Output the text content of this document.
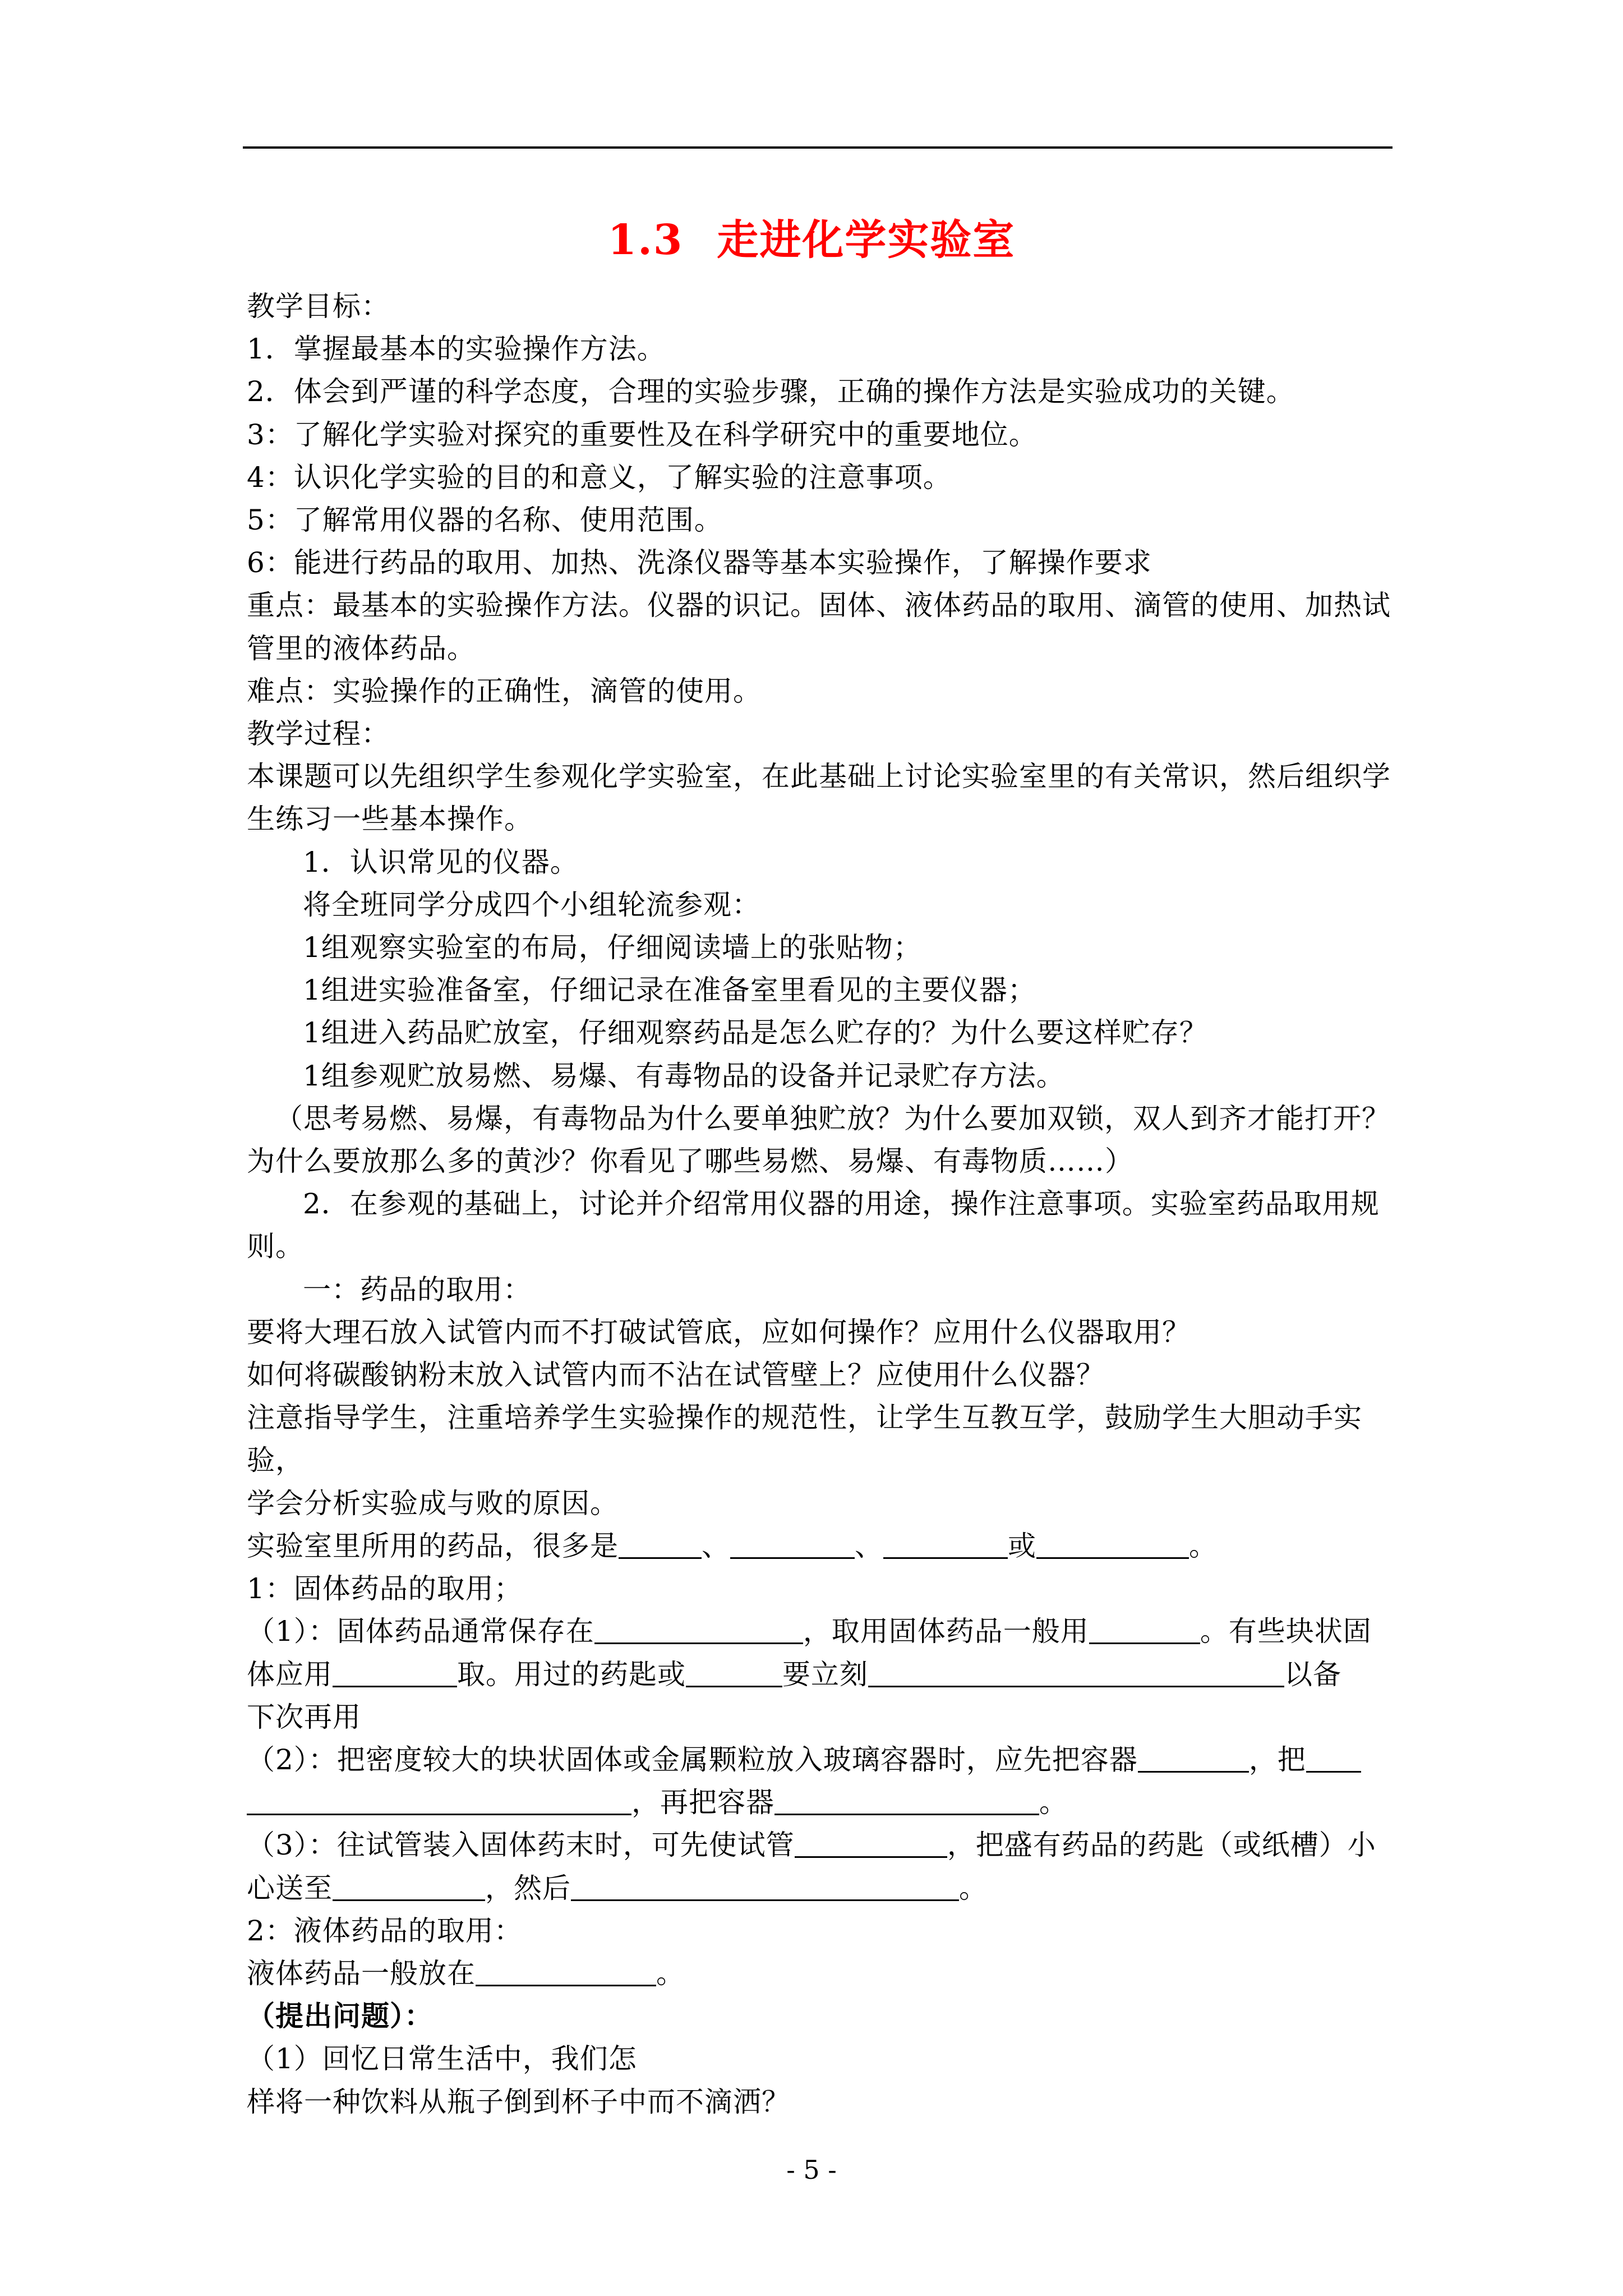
1.3 走进化学实验室

教学目标：

1．掌握最基本的实验操作方法。

2．体会到严谨的科学态度，合理的实验步骤，正确的操作方法是实验成功的关键。

3：了解化学实验对探究的重要性及在科学研究中的重要地位。

4：认识化学实验的目的和意义，了解实验的注意事项。

5：了解常用仪器的名称、使用范围。

6：能进行药品的取用、加热、洗涤仪器等基本实验操作，了解操作要求

重点：最基本的实验操作方法。仪器的识记。固体、液体药品的取用、滴管的使用、加热试

管里的液体药品。

难点：实验操作的正确性，滴管的使用。

教学过程：

本课题可以先组织学生参观化学实验室，在此基础上讨论实验室里的有关常识，然后组织学

生练习一些基本操作。

1．认识常见的仪器。

将全班同学分成四个小组轮流参观：

1组观察实验室的布局，仔细阅读墙上的张贴物；

1组进实验准备室，仔细记录在准备室里看见的主要仪器；

1组进入药品贮放室，仔细观察药品是怎么贮存的？为什么要这样贮存？

1组参观贮放易燃、易爆、有毒物品的设备并记录贮存方法。

（思考易燃、易爆，有毒物品为什么要单独贮放？为什么要加双锁，双人到齐才能打开？

为什么要放那么多的黄沙？你看见了哪些易燃、易爆、有毒物质……）

2．在参观的基础上，讨论并介绍常用仪器的用途，操作注意事项。实验室药品取用规

则。

一：药品的取用：

要将大理石放入试管内而不打破试管底，应如何操作？应用什么仪器取用？

如何将碳酸钠粉末放入试管内而不沾在试管壁上？应使用什么仪器？

注意指导学生，注重培养学生实验操作的规范性，让学生互教互学，鼓励学生大胆动手实验，

学会分析实验成与败的原因。

实验室里所用的药品，很多是	、	、	或	。

1：固体药品的取用；

（1）：固体药品通常保存在	，取用固体药品一般用	。有些块状固

体应用	取。用过的药匙或	要立刻	以备

下次再用

（2）：把密度较大的块状固体或金属颗粒放入玻璃容器时，应先把容器	，把

，再把容器	。

（3）：往试管装入固体药末时，可先使试管	，把盛有药品的药匙（或纸槽）小

心送至	，然后	。

2：液体药品的取用：

液体药品一般放在	。

（提出问题）：

（1）回忆日常生活中，我们怎

样将一种饮料从瓶子倒到杯子中而不滴洒？

- 5 -
